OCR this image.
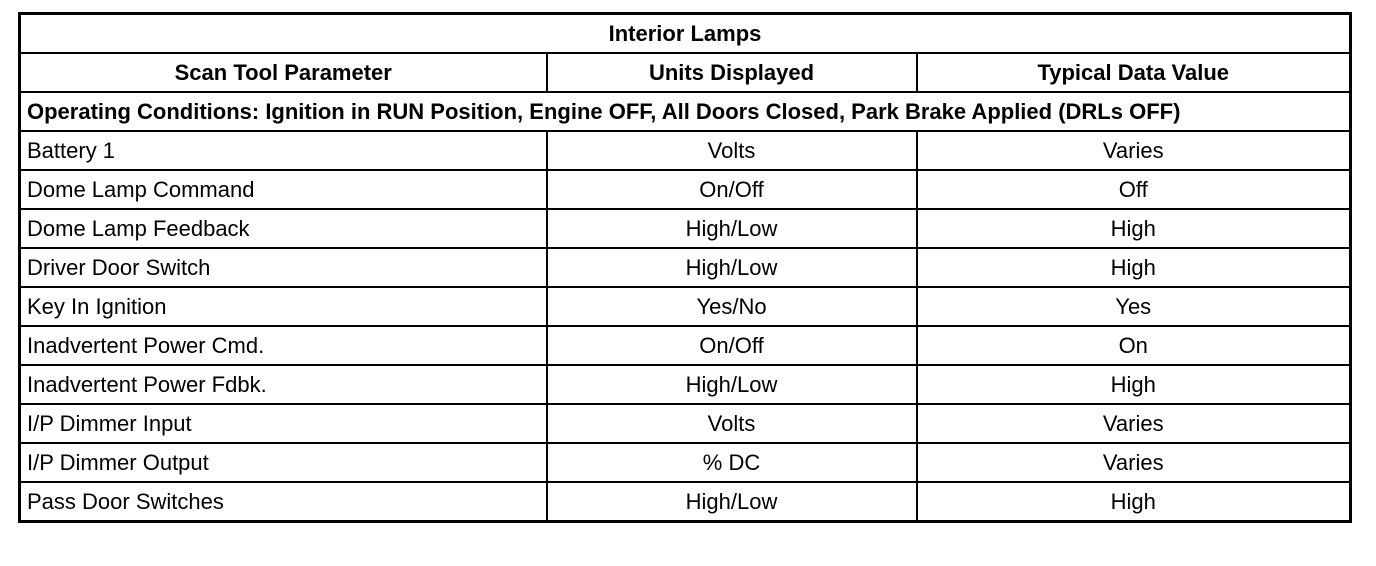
Interior Lamps		
Scan Tool Parameter	Units Displayed	Typical Data Value
Operating Conditions: Ignition in RUN Position, Engine OFF, All Doors Closed, Park Brake Applied (DRLs OFF)		
Battery 1	Volts	Varies
Dome Lamp Command	On/Off	Off
Dome Lamp Feedback	High/Low	High
Driver Door Switch	High/Low	High
Key In Ignition	Yes/No	Yes
Inadvertent Power Cmd.	On/Off	On
Inadvertent Power Fdbk.	High/Low	High
I/P Dimmer Input	Volts	Varies
I/P Dimmer Output	% DC	Varies
Pass Door Switches	High/Low	High
